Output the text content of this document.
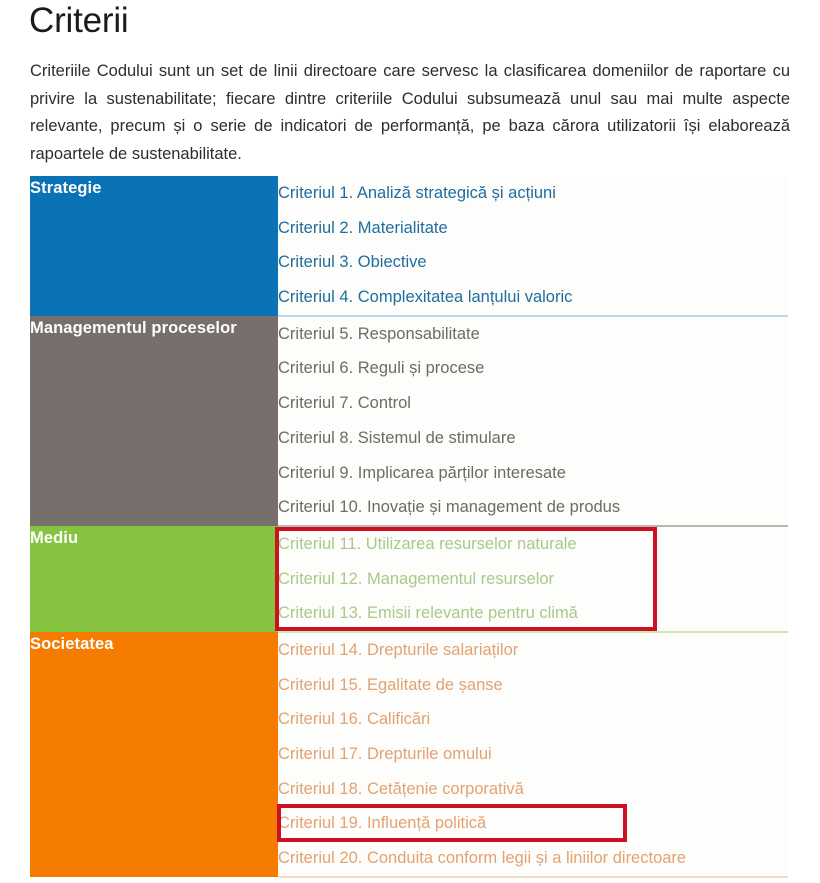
Criterii

Criteriile Codului sunt un set de linii directoare care servesc la clasificarea domeniilor de raportare cu privire la sustenabilitate; fiecare dintre criteriile Codului subsumează unul sau mai multe aspecte relevante, precum și o serie de indicatori de performanță, pe baza cărora utilizatorii își elaborează rapoartele de sustenabilitate.

Strategie	Criteriul 1. Analiză strategică și acțiuni
Criteriul 2. Materialitate
Criteriul 3. Obiective
Criteriul 4. Complexitatea lanțului valoric

Managementul proceselor	Criteriul 5. Responsabilitate
Criteriul 6. Reguli și procese
Criteriul 7. Control
Criteriul 8. Sistemul de stimulare
Criteriul 9. Implicarea părților interesate
Criteriul 10. Inovație și management de produs

Mediu	Criteriul 11. Utilizarea resurselor naturale
Criteriul 12. Managementul resurselor
Criteriul 13. Emisii relevante pentru climă

Societatea	Criteriul 14. Drepturile salariaților
Criteriul 15. Egalitate de șanse
Criteriul 16. Calificări
Criteriul 17. Drepturile omului
Criteriul 18. Cetățenie corporativă
Criteriul 19. Influență politică
Criteriul 20. Conduita conform legii și a liniilor directoare
